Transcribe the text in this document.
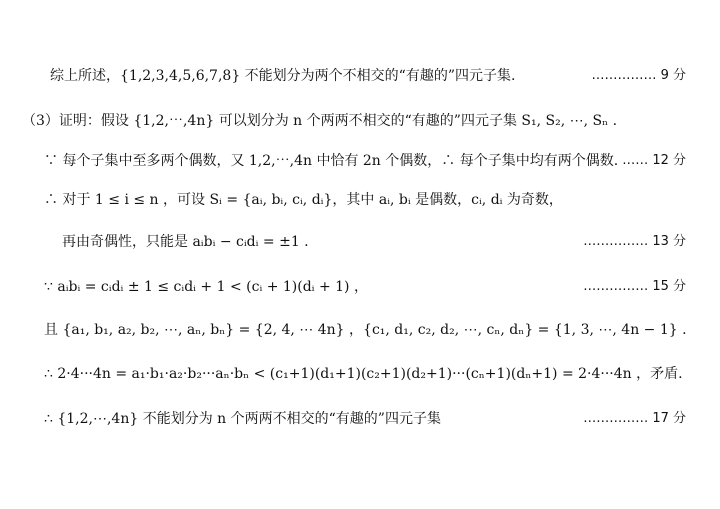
综上所述，{1,2,3,4,5,6,7,8} 不能划分为两个不相交的“有趣的”四元子集.	…………… 9 分
（3）证明：假设 {1,2,⋯,4n} 可以划分为 n 个两两不相交的“有趣的”四元子集 S₁, S₂, ⋯, Sₙ .
∵ 每个子集中至多两个偶数，又 1,2,⋯,4n 中恰有 2n 个偶数，∴ 每个子集中均有两个偶数. …… 12 分
∴ 对于 1 ≤ i ≤ n ，可设 Sᵢ = {aᵢ, bᵢ, cᵢ, dᵢ}，其中 aᵢ, bᵢ 是偶数，cᵢ, dᵢ 为奇数，
再由奇偶性，只能是 aᵢbᵢ − cᵢdᵢ = ±1 .	…………… 13 分
∵ aᵢbᵢ = cᵢdᵢ ± 1 ≤ cᵢdᵢ + 1 < (cᵢ + 1)(dᵢ + 1) ，	…………… 15 分
且 {a₁, b₁, a₂, b₂, ⋯, aₙ, bₙ} = {2, 4, ⋯ 4n} ，{c₁, d₁, c₂, d₂, ⋯, cₙ, dₙ} = {1, 3, ⋯, 4n − 1} .
∴ 2·4···4n = a₁·b₁·a₂·b₂···aₙ·bₙ < (c₁+1)(d₁+1)(c₂+1)(d₂+1)···(cₙ+1)(dₙ+1) = 2·4···4n ，矛盾.
∴ {1,2,⋯,4n} 不能划分为 n 个两两不相交的“有趣的”四元子集	…………… 17 分
